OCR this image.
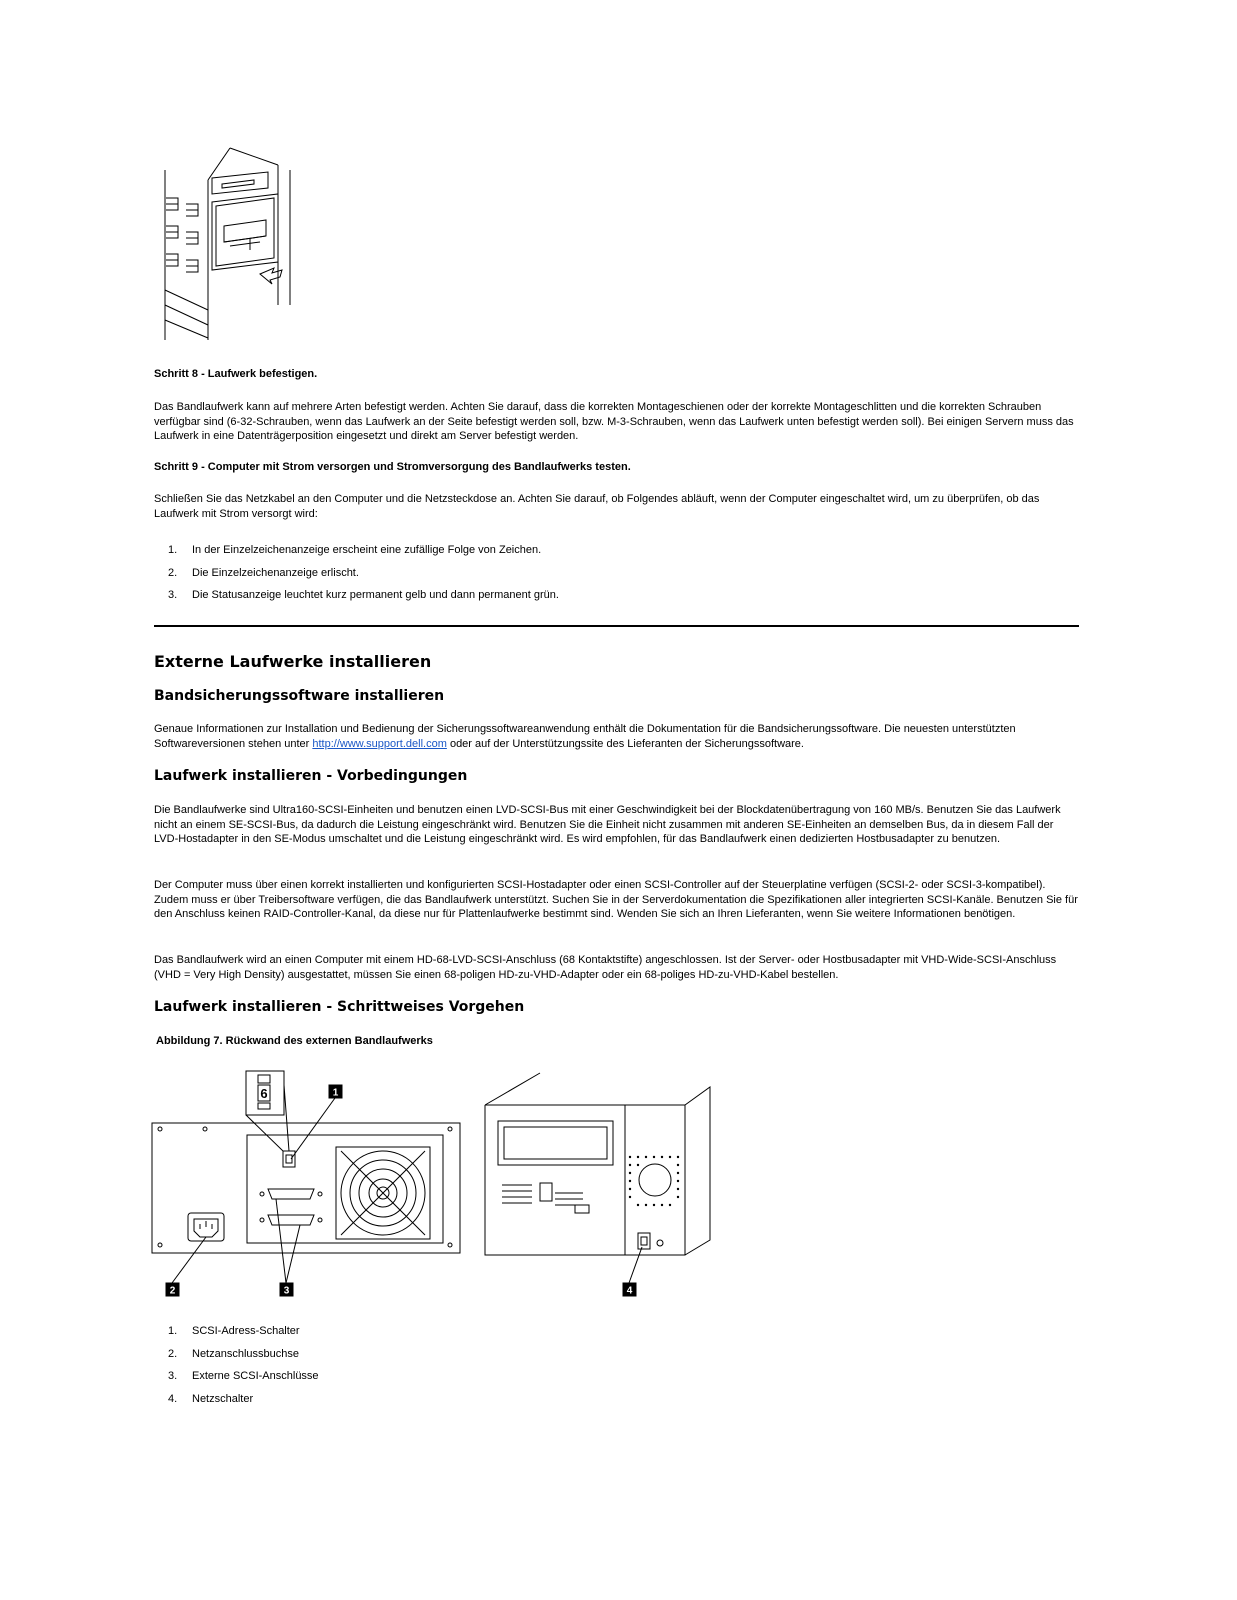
Schritt 8 - Laufwerk befestigen.

Das Bandlaufwerk kann auf mehrere Arten befestigt werden. Achten Sie darauf, dass die korrekten Montageschienen oder der korrekte Montageschlitten und die korrekten Schrauben verfügbar sind (6-32-Schrauben, wenn das Laufwerk an der Seite befestigt werden soll, bzw. M-3-Schrauben, wenn das Laufwerk unten befestigt werden soll). Bei einigen Servern muss das Laufwerk in eine Datenträgerposition eingesetzt und direkt am Server befestigt werden.

Schritt 9 - Computer mit Strom versorgen und Stromversorgung des Bandlaufwerks testen.

Schließen Sie das Netzkabel an den Computer und die Netzsteckdose an. Achten Sie darauf, ob Folgendes abläuft, wenn der Computer eingeschaltet wird, um zu überprüfen, ob das Laufwerk mit Strom versorgt wird:

1. In der Einzelzeichenanzeige erscheint eine zufällige Folge von Zeichen.
2. Die Einzelzeichenanzeige erlischt.
3. Die Statusanzeige leuchtet kurz permanent gelb und dann permanent grün.
Externe Laufwerke installieren
Bandsicherungssoftware installieren

Genaue Informationen zur Installation und Bedienung der Sicherungssoftwareanwendung enthält die Dokumentation für die Bandsicherungssoftware. Die neuesten unterstützten Softwareversionen stehen unter http://www.support.dell.com oder auf der Unterstützungssite des Lieferanten der Sicherungssoftware.

Laufwerk installieren - Vorbedingungen

Die Bandlaufwerke sind Ultra160-SCSI-Einheiten und benutzen einen LVD-SCSI-Bus mit einer Geschwindigkeit bei der Blockdatenübertragung von 160 MB/s. Benutzen Sie das Laufwerk nicht an einem SE-SCSI-Bus, da dadurch die Leistung eingeschränkt wird. Benutzen Sie die Einheit nicht zusammen mit anderen SE-Einheiten an demselben Bus, da in diesem Fall der LVD-Hostadapter in den SE-Modus umschaltet und die Leistung eingeschränkt wird. Es wird empfohlen, für das Bandlaufwerk einen dedizierten Hostbusadapter zu benutzen.

Der Computer muss über einen korrekt installierten und konfigurierten SCSI-Hostadapter oder einen SCSI-Controller auf der Steuerplatine verfügen (SCSI-2- oder SCSI-3-kompatibel). Zudem muss er über Treibersoftware verfügen, die das Bandlaufwerk unterstützt. Suchen Sie in der Serverdokumentation die Spezifikationen aller integrierten SCSI-Kanäle. Benutzen Sie für den Anschluss keinen RAID-Controller-Kanal, da diese nur für Plattenlaufwerke bestimmt sind. Wenden Sie sich an Ihren Lieferanten, wenn Sie weitere Informationen benötigen.

Das Bandlaufwerk wird an einen Computer mit einem HD-68-LVD-SCSI-Anschluss (68 Kontaktstifte) angeschlossen. Ist der Server- oder Hostbusadapter mit VHD-Wide-SCSI-Anschluss (VHD = Very High Density) ausgestattet, müssen Sie einen 68-poligen HD-zu-VHD-Adapter oder ein 68-poliges HD-zu-VHD-Kabel bestellen.

Laufwerk installieren - Schrittweises Vorgehen

Abbildung 7. Rückwand des externen Bandlaufwerks

1. SCSI-Adress-Schalter
2. Netzanschlussbuchse
3. Externe SCSI-Anschlüsse
4. Netzschalter
1
2	3	4
6
